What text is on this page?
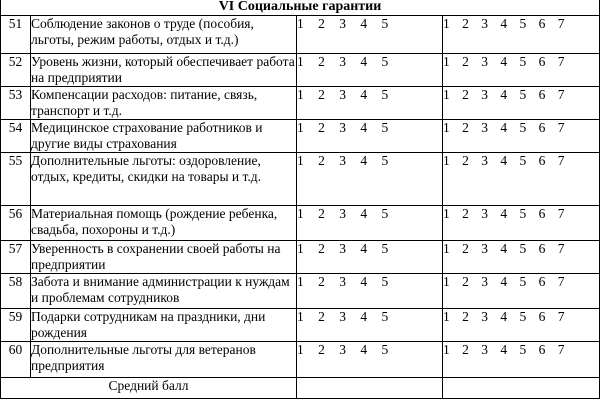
VI Социальные гарантии			
51	Соблюдение законов о труде (пособия, льготы, режим работы, отдых и т.д.)	1 2 3 4 5	1 2 3 4 5 6 7
52	Уровень жизни, который обеспечивает работа на предприятии	1 2 3 4 5	1 2 3 4 5 6 7
53	Компенсации расходов: питание, связь, транспорт и т.д.	1 2 3 4 5	1 2 3 4 5 6 7
54	Медицинское страхование работников и другие виды страхования	1 2 3 4 5	1 2 3 4 5 6 7
55	Дополнительные льготы: оздоровление, отдых, кредиты, скидки на товары и т.д.	1 2 3 4 5	1 2 3 4 5 6 7
56	Материальная помощь (рождение ребенка, свадьба, похороны и т.д.)	1 2 3 4 5	1 2 3 4 5 6 7
57	Уверенность в сохранении своей работы на предприятии	1 2 3 4 5	1 2 3 4 5 6 7
58	Забота и внимание администрации к нуждам и проблемам сотрудников	1 2 3 4 5	1 2 3 4 5 6 7
59	Подарки сотрудникам на праздники, дни рождения	1 2 3 4 5	1 2 3 4 5 6 7
60	Дополнительные льготы для ветеранов предприятия	1 2 3 4 5	1 2 3 4 5 6 7
Средний балл			
